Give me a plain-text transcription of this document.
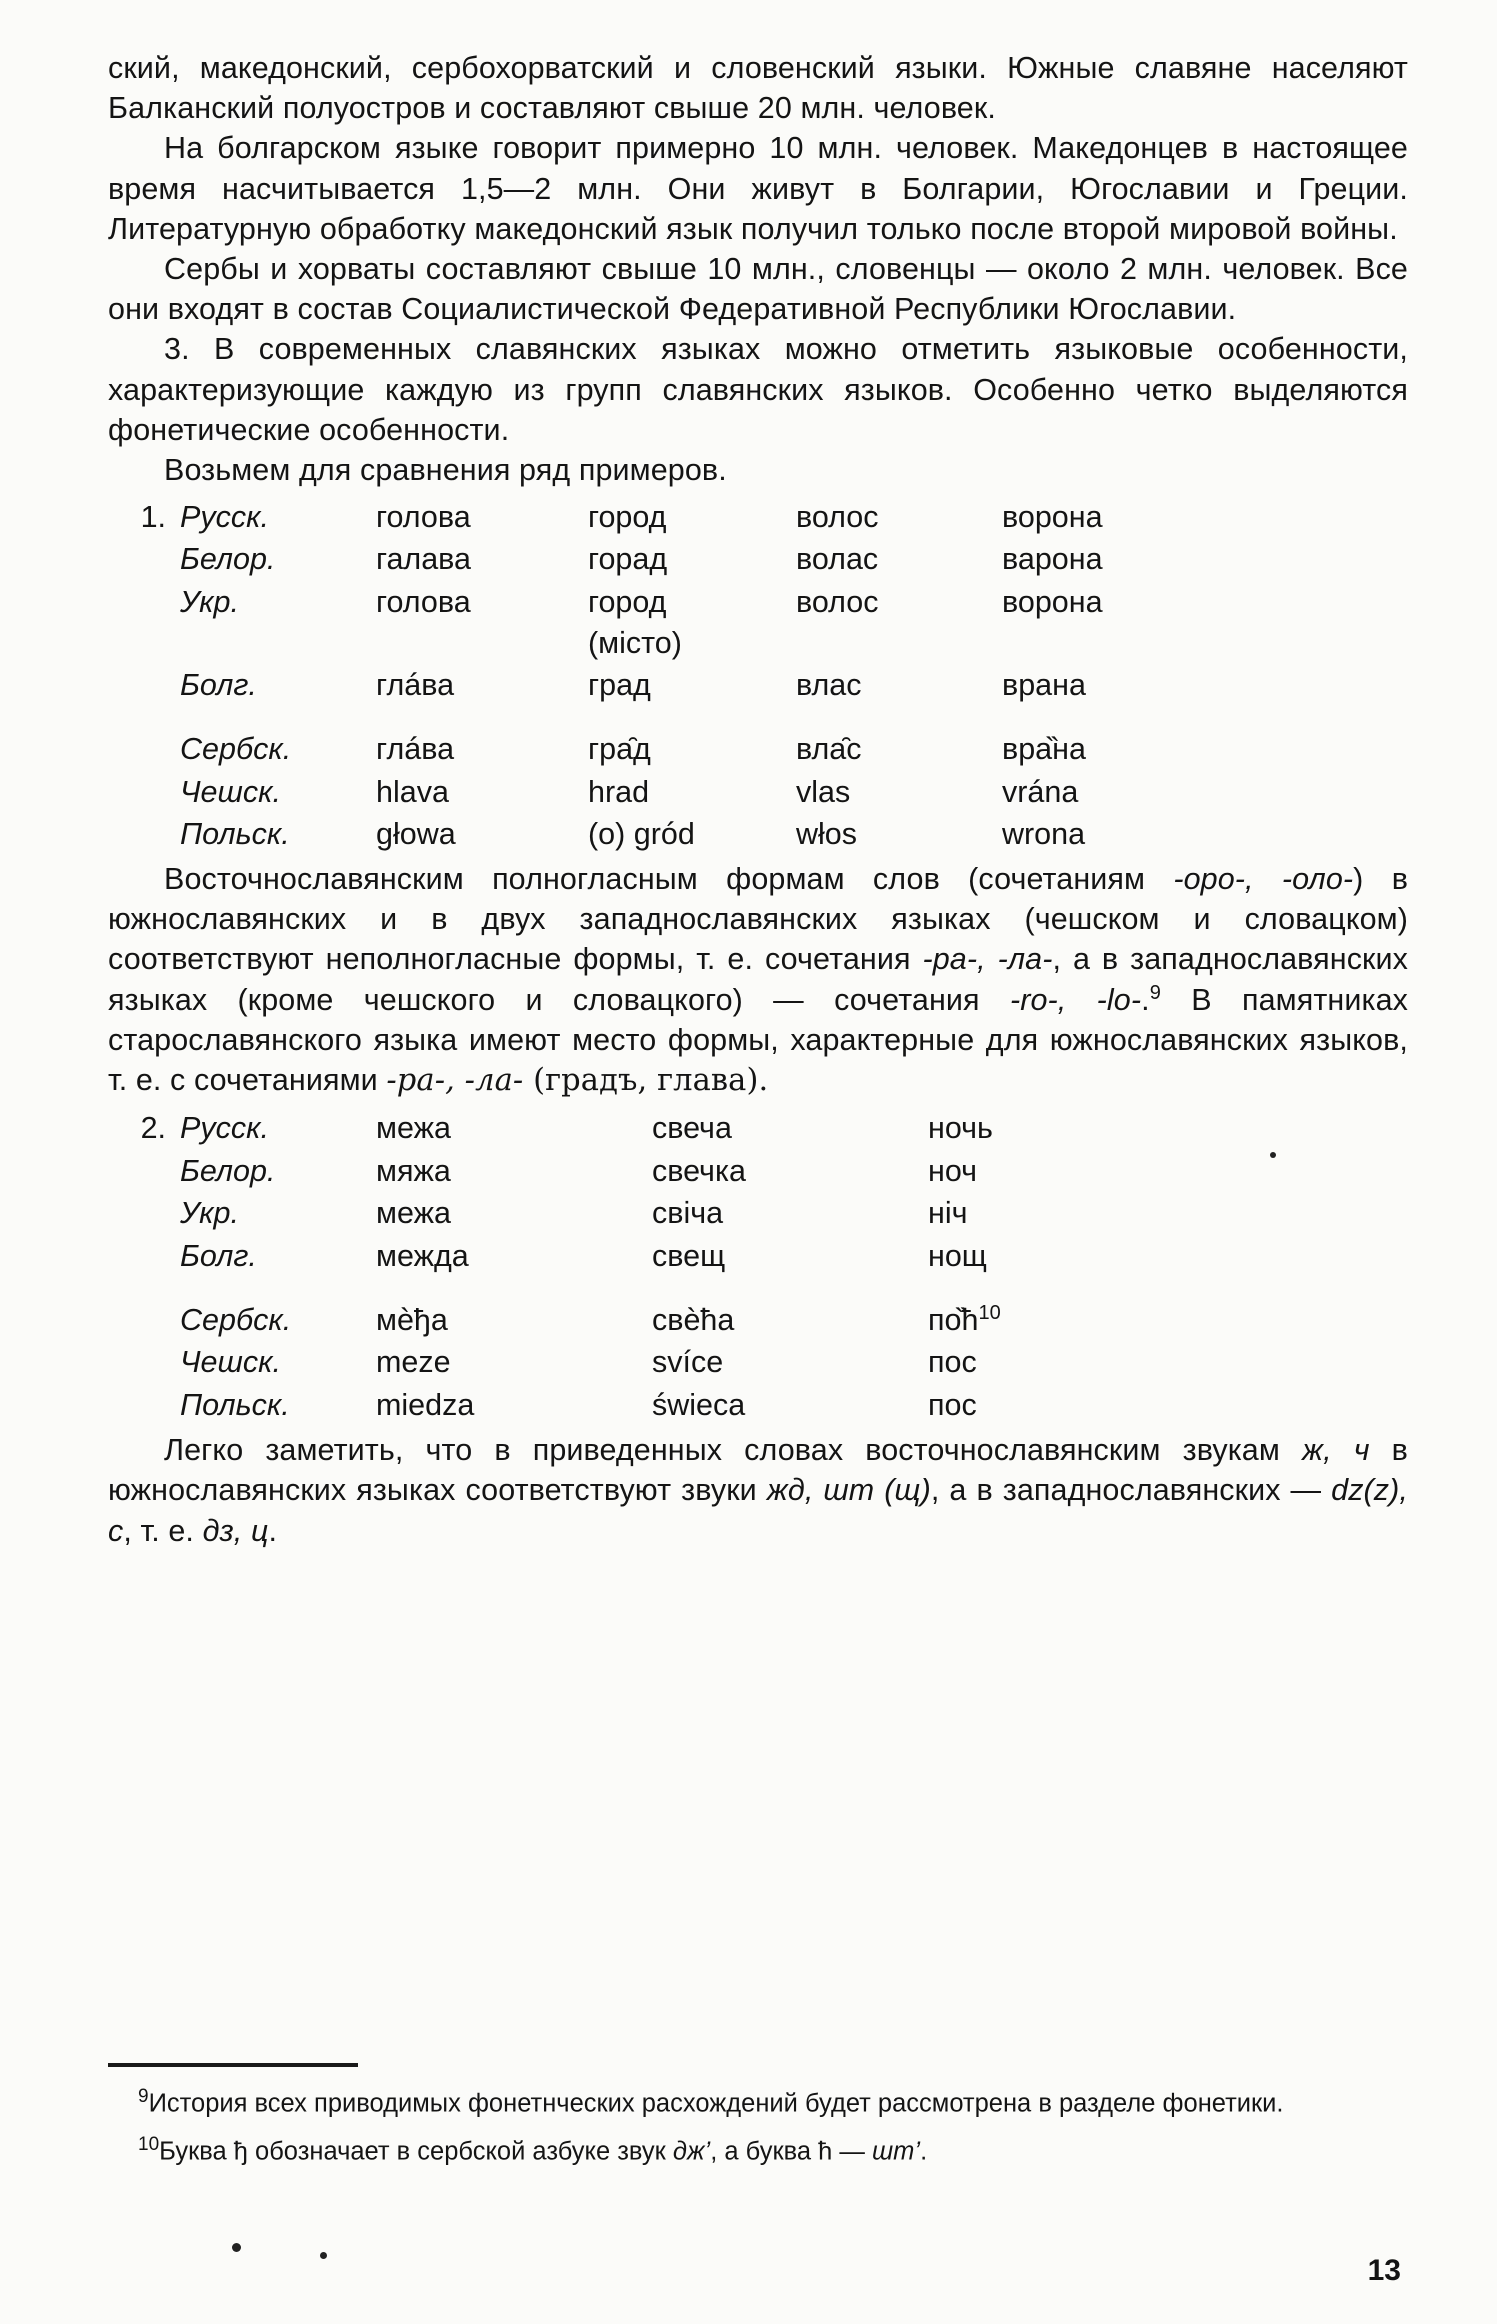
ский, македонский, сербохорватский и словенский языки. Южные славяне населяют Балканский полуостров и составляют свыше 20 млн. человек.

На болгарском языке говорит примерно 10 млн. человек. Македонцев в настоящее время насчитывается 1,5—2 млн. Они живут в Болгарии, Югославии и Греции. Литературную обработку македонский язык получил только после второй мировой войны.

Сербы и хорваты составляют свыше 10 млн., словенцы — около 2 млн. человек. Все они входят в состав Социалистической Федеративной Республики Югославии.

3. В современных славянских языках можно отметить языковые особенности, характеризующие каждую из групп славянских языков. Особенно четко выделяются фонетические особенности.

Возьмем для сравнения ряд примеров.

1.	Русск.	голова	город	волос	ворона
	Белор.	галава	горад	волас	варона
	Укр.	голова	город	волос	ворона
			(місто)		
	Болг.	глáва	град	влас	врана

	Сербск.	глáва	гра̑д	вла̑с	вра̏на
	Чешск.	hlava	hrad	vlas	vrána
	Польск.	głowa	(o) gród	włos	wrona

Восточнославянским полногласным формам слов (сочетаниям -оро-, -оло-) в южнославянских и в двух западнославянских языках (чешском и словацком) соответствуют неполногласные формы, т. е. сочетания -ра-, -ла-, а в западнославянских языках (кроме чешского и словацкого) — сочетания -ro-, -lo-.$^9$ В памятниках старославянского языка имеют место формы, характерные для южнославянских языков, т. е. с сочетаниями -ра-, -ла- (градъ, глава).

2.	Русск.	межа	свеча	ночь
	Белор.	мяжа	свечка	ноч
	Укр.	межа	свіча	ніч
	Болг.	межда	свещ	нощ

	Сербск.	мѐђa	свѐћa	$по̏ћ^{10}$
	Чешск.	meze	svíce	пос
	Польск.	miedza	świeca	пос

Легко заметить, что в приведенных словах восточнославянским звукам ж, ч в южнославянских языках соответствуют звуки жд, шт (щ), а в западнославянских — dz(z), c, т. е. дз, ц.

$^9$История всех приводимых фонетнческих расхождений будет рассмотрена в разделе фонетики.

$^{10}$Буква ђ обозначает в сербской азбуке звук дж’, а буква ћ — шт’.

13
